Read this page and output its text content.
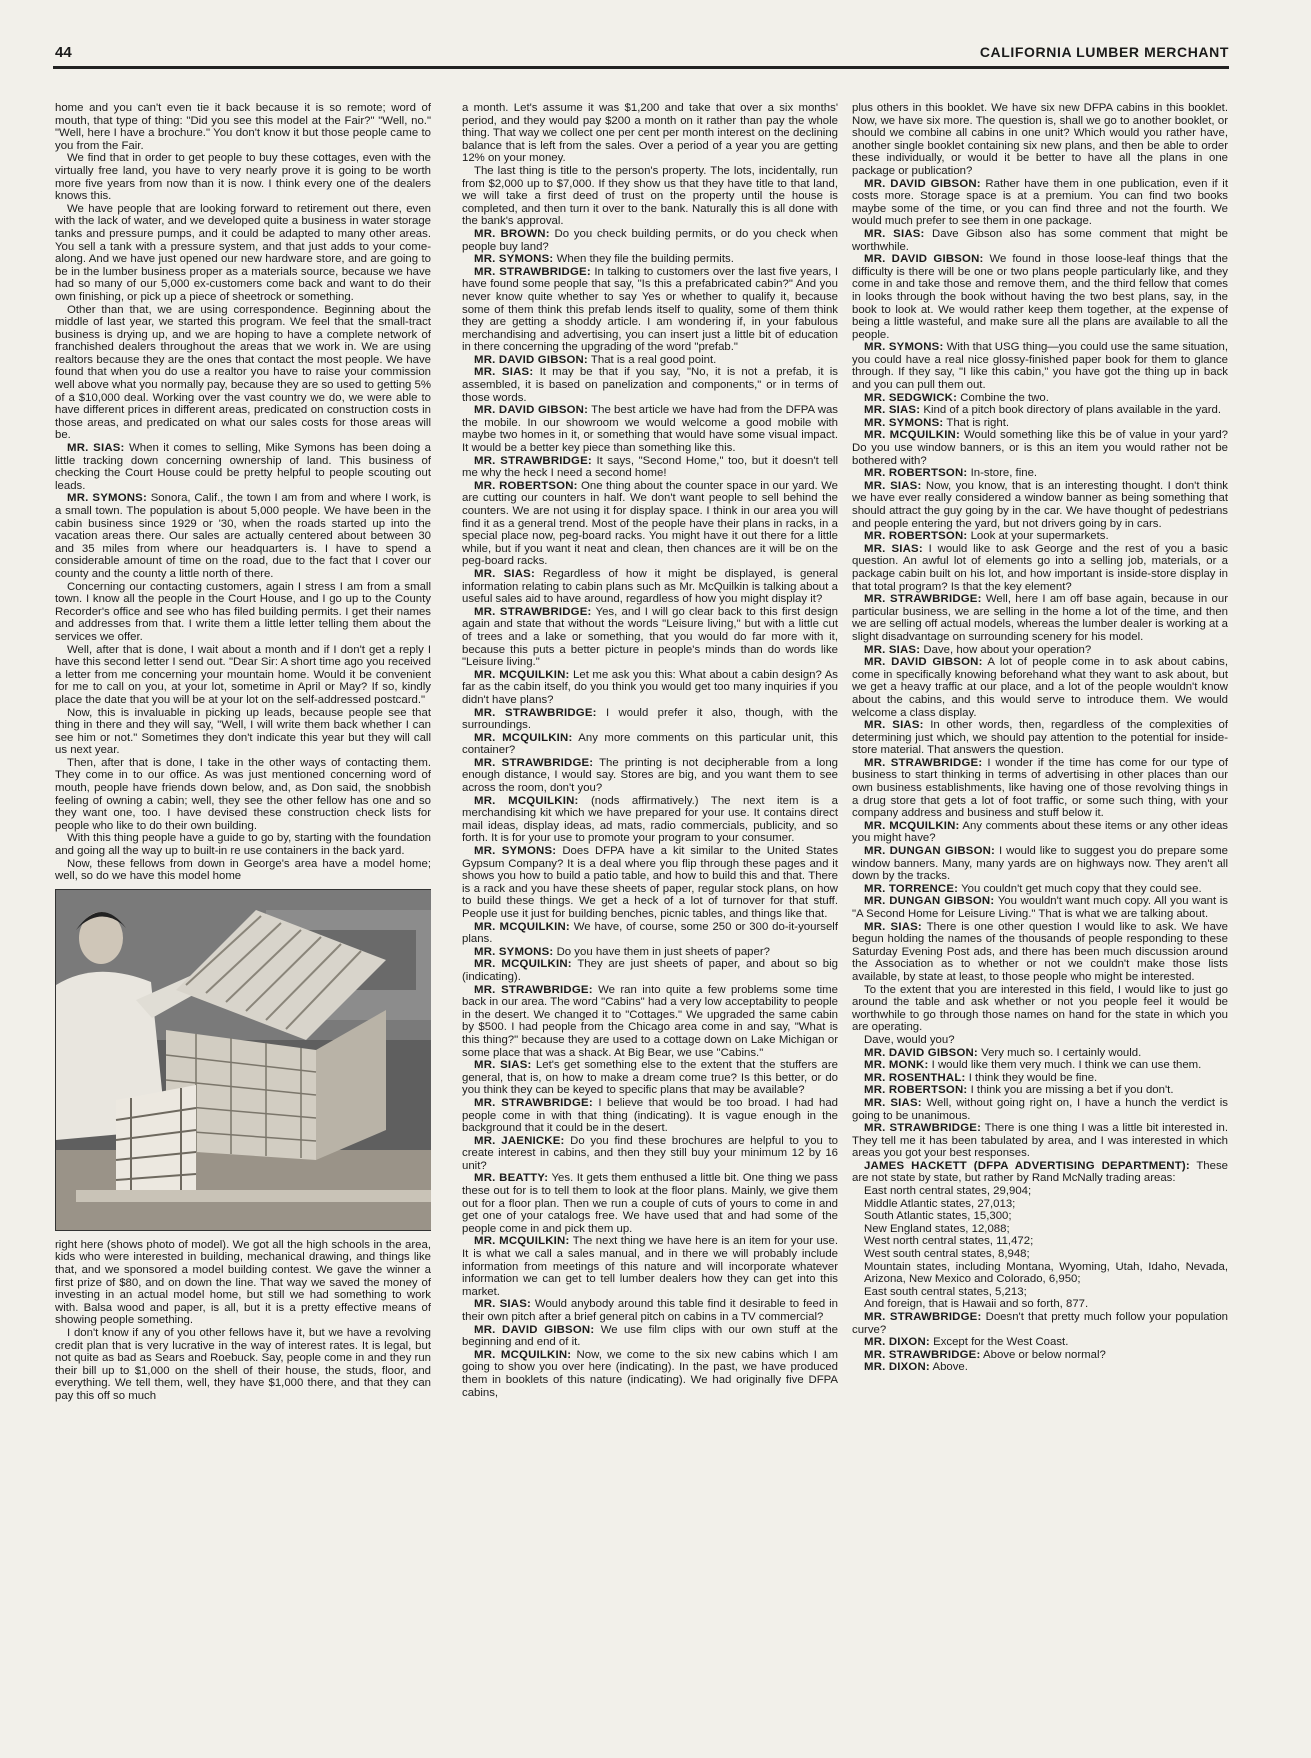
44	CALIFORNIA LUMBER MERCHANT

home and you can't even tie it back because it is so remote; word of mouth, that type of thing: "Did you see this model at the Fair?" "Well, no." "Well, here I have a brochure." You don't know it but those people came to you from the Fair.

We find that in order to get people to buy these cottages, even with the virtually free land, you have to very nearly prove it is going to be worth more five years from now than it is now. I think every one of the dealers knows this.

We have people that are looking forward to retirement out there, even with the lack of water, and we developed quite a business in water storage tanks and pressure pumps, and it could be adapted to many other areas. You sell a tank with a pressure system, and that just adds to your come-along. And we have just opened our new hardware store, and are going to be in the lumber business proper as a materials source, because we have had so many of our 5,000 ex-customers come back and want to do their own finishing, or pick up a piece of sheetrock or something.

Other than that, we are using correspondence. Beginning about the middle of last year, we started this program. We feel that the small-tract business is drying up, and we are hoping to have a complete network of franchished dealers throughout the areas that we work in. We are using realtors because they are the ones that contact the most people. We have found that when you do use a realtor you have to raise your commission well above what you normally pay, because they are so used to getting 5% of a $10,000 deal. Working over the vast country we do, we were able to have different prices in different areas, predicated on construction costs in those areas, and predicated on what our sales costs for those areas will be.

MR. SIAS: When it comes to selling, Mike Symons has been doing a little tracking down concerning ownership of land. This business of checking the Court House could be pretty helpful to people scouting out leads.

MR. SYMONS: Sonora, Calif., the town I am from and where I work, is a small town. The population is about 5,000 people. We have been in the cabin business since 1929 or '30, when the roads started up into the vacation areas there. Our sales are actually centered about between 30 and 35 miles from where our headquarters is. I have to spend a considerable amount of time on the road, due to the fact that I cover our county and the county a little north of there.

Concerning our contacting customers, again I stress I am from a small town. I know all the people in the Court House, and I go up to the County Recorder's office and see who has filed building permits. I get their names and addresses from that. I write them a little letter telling them about the services we offer.

Well, after that is done, I wait about a month and if I don't get a reply I have this second letter I send out. "Dear Sir: A short time ago you received a letter from me concerning your mountain home. Would it be convenient for me to call on you, at your lot, sometime in April or May? If so, kindly place the date that you will be at your lot on the self-addressed postcard."

Now, this is invaluable in picking up leads, because people see that thing in there and they will say, "Well, I will write them back whether I can see him or not." Sometimes they don't indicate this year but they will call us next year.

Then, after that is done, I take in the other ways of contacting them. They come in to our office. As was just mentioned concerning word of mouth, people have friends down below, and, as Don said, the snobbish feeling of owning a cabin; well, they see the other fellow has one and so they want one, too. I have devised these construction check lists for people who like to do their own building.

With this thing people have a guide to go by, starting with the foundation and going all the way up to built-in re use containers in the back yard.

Now, these fellows from down in George's area have a model home; well, so do we have this model home

right here (shows photo of model). We got all the high schools in the area, kids who were interested in building, mechanical drawing, and things like that, and we sponsored a model building contest. We gave the winner a first prize of $80, and on down the line. That way we saved the money of investing in an actual model home, but still we had something to work with. Balsa wood and paper, is all, but it is a pretty effective means of showing people something.

I don't know if any of you other fellows have it, but we have a revolving credit plan that is very lucrative in the way of interest rates. It is legal, but not quite as bad as Sears and Roebuck. Say, people come in and they run their bill up to $1,000 on the shell of their house, the studs, floor, and everything. We tell them, well, they have $1,000 there, and that they can pay this off so much

a month. Let's assume it was $1,200 and take that over a six months' period, and they would pay $200 a month on it rather than pay the whole thing. That way we collect one per cent per month interest on the declining balance that is left from the sales. Over a period of a year you are getting 12% on your money.

The last thing is title to the person's property. The lots, incidentally, run from $2,000 up to $7,000. If they show us that they have title to that land, we will take a first deed of trust on the property until the house is completed, and then turn it over to the bank. Naturally this is all done with the bank's approval.

MR. BROWN: Do you check building permits, or do you check when people buy land?

MR. SYMONS: When they file the building permits.

MR. STRAWBRIDGE: In talking to customers over the last five years, I have found some people that say, "Is this a prefabricated cabin?" And you never know quite whether to say Yes or whether to qualify it, because some of them think this prefab lends itself to quality, some of them think they are getting a shoddy article. I am wondering if, in your fabulous merchandising and advertising, you can insert just a little bit of education in there concerning the upgrading of the word "prefab."

MR. DAVID GIBSON: That is a real good point.

MR. SIAS: It may be that if you say, "No, it is not a prefab, it is assembled, it is based on panelization and components," or in terms of those words.

MR. DAVID GIBSON: The best article we have had from the DFPA was the mobile. In our showroom we would welcome a good mobile with maybe two homes in it, or something that would have some visual impact. It would be a better key piece than something like this.

MR. STRAWBRIDGE: It says, "Second Home," too, but it doesn't tell me why the heck I need a second home!

MR. ROBERTSON: One thing about the counter space in our yard. We are cutting our counters in half. We don't want people to sell behind the counters. We are not using it for display space. I think in our area you will find it as a general trend. Most of the people have their plans in racks, in a special place now, peg-board racks. You might have it out there for a little while, but if you want it neat and clean, then chances are it will be on the peg-board racks.

MR. SIAS: Regardless of how it might be displayed, is general information relating to cabin plans such as Mr. McQuilkin is talking about a useful sales aid to have around, regardless of how you might display it?

MR. STRAWBRIDGE: Yes, and I will go clear back to this first design again and state that without the words "Leisure living," but with a little cut of trees and a lake or something, that you would do far more with it, because this puts a better picture in people's minds than do words like "Leisure living."

MR. MCQUILKIN: Let me ask you this: What about a cabin design? As far as the cabin itself, do you think you would get too many inquiries if you didn't have plans?

MR. STRAWBRIDGE: I would prefer it also, though, with the surroundings.

MR. MCQUILKIN: Any more comments on this particular unit, this container?

MR. STRAWBRIDGE: The printing is not decipherable from a long enough distance, I would say. Stores are big, and you want them to see across the room, don't you?

MR. MCQUILKIN: (nods affirmatively.) The next item is a merchandising kit which we have prepared for your use. It contains direct mail ideas, display ideas, ad mats, radio commercials, publicity, and so forth. It is for your use to promote your program to your consumer.

MR. SYMONS: Does DFPA have a kit similar to the United States Gypsum Company? It is a deal where you flip through these pages and it shows you how to build a patio table, and how to build this and that. There is a rack and you have these sheets of paper, regular stock plans, on how to build these things. We get a heck of a lot of turnover for that stuff. People use it just for building benches, picnic tables, and things like that.

MR. MCQUILKIN: We have, of course, some 250 or 300 do-it-yourself plans.

MR. SYMONS: Do you have them in just sheets of paper?

MR. MCQUILKIN: They are just sheets of paper, and about so big (indicating).

MR. STRAWBRIDGE: We ran into quite a few problems some time back in our area. The word "Cabins" had a very low acceptability to people in the desert. We changed it to "Cottages." We upgraded the same cabin by $500. I had people from the Chicago area come in and say, "What is this thing?" because they are used to a cottage down on Lake Michigan or some place that was a shack. At Big Bear, we use "Cabins."

MR. SIAS: Let's get something else to the extent that the stuffers are general, that is, on how to make a dream come true? Is this better, or do you think they can be keyed to specific plans that may be available?

MR. STRAWBRIDGE: I believe that would be too broad. I had had people come in with that thing (indicating). It is vague enough in the background that it could be in the desert.

MR. JAENICKE: Do you find these brochures are helpful to you to create interest in cabins, and then they still buy your minimum 12 by 16 unit?

MR. BEATTY: Yes. It gets them enthused a little bit. One thing we pass these out for is to tell them to look at the floor plans. Mainly, we give them out for a floor plan. Then we run a couple of cuts of yours to come in and get one of your catalogs free. We have used that and had some of the people come in and pick them up.

MR. MCQUILKIN: The next thing we have here is an item for your use. It is what we call a sales manual, and in there we will probably include information from meetings of this nature and will incorporate whatever information we can get to tell lumber dealers how they can get into this market.

MR. SIAS: Would anybody around this table find it desirable to feed in their own pitch after a brief general pitch on cabins in a TV commercial?

MR. DAVID GIBSON: We use film clips with our own stuff at the beginning and end of it.

MR. MCQUILKIN: Now, we come to the six new cabins which I am going to show you over here (indicating). In the past, we have produced them in booklets of this nature (indicating). We had originally five DFPA cabins,

plus others in this booklet. We have six new DFPA cabins in this booklet. Now, we have six more. The question is, shall we go to another booklet, or should we combine all cabins in one unit? Which would you rather have, another single booklet containing six new plans, and then be able to order these individually, or would it be better to have all the plans in one package or publication?

MR. DAVID GIBSON: Rather have them in one publication, even if it costs more. Storage space is at a premium. You can find two books maybe some of the time, or you can find three and not the fourth. We would much prefer to see them in one package.

MR. SIAS: Dave Gibson also has some comment that might be worthwhile.

MR. DAVID GIBSON: We found in those loose-leaf things that the difficulty is there will be one or two plans people particularly like, and they come in and take those and remove them, and the third fellow that comes in looks through the book without having the two best plans, say, in the book to look at. We would rather keep them together, at the expense of being a little wasteful, and make sure all the plans are available to all the people.

MR. SYMONS: With that USG thing—you could use the same situation, you could have a real nice glossy-finished paper book for them to glance through. If they say, "I like this cabin," you have got the thing up in back and you can pull them out.

MR. SEDGWICK: Combine the two.

MR. SIAS: Kind of a pitch book directory of plans available in the yard.

MR. SYMONS: That is right.

MR. MCQUILKIN: Would something like this be of value in your yard? Do you use window banners, or is this an item you would rather not be bothered with?

MR. ROBERTSON: In-store, fine.

MR. SIAS: Now, you know, that is an interesting thought. I don't think we have ever really considered a window banner as being something that should attract the guy going by in the car. We have thought of pedestrians and people entering the yard, but not drivers going by in cars.

MR. ROBERTSON: Look at your supermarkets.

MR. SIAS: I would like to ask George and the rest of you a basic question. An awful lot of elements go into a selling job, materials, or a package cabin built on his lot, and how important is inside-store display in that total program? Is that the key element?

MR. STRAWBRIDGE: Well, here I am off base again, because in our particular business, we are selling in the home a lot of the time, and then we are selling off actual models, whereas the lumber dealer is working at a slight disadvantage on surrounding scenery for his model.

MR. SIAS: Dave, how about your operation?

MR. DAVID GIBSON: A lot of people come in to ask about cabins, come in specifically knowing beforehand what they want to ask about, but we get a heavy traffic at our place, and a lot of the people wouldn't know about the cabins, and this would serve to introduce them. We would welcome a class display.

MR. SIAS: In other words, then, regardless of the complexities of determining just which, we should pay attention to the potential for inside-store material. That answers the question.

MR. STRAWBRIDGE: I wonder if the time has come for our type of business to start thinking in terms of advertising in other places than our own business establishments, like having one of those revolving things in a drug store that gets a lot of foot traffic, or some such thing, with your company address and business and stuff below it.

MR. MCQUILKIN: Any comments about these items or any other ideas you might have?

MR. DUNGAN GIBSON: I would like to suggest you do prepare some window banners. Many, many yards are on highways now. They aren't all down by the tracks.

MR. TORRENCE: You couldn't get much copy that they could see.

MR. DUNGAN GIBSON: You wouldn't want much copy. All you want is "A Second Home for Leisure Living." That is what we are talking about.

MR. SIAS: There is one other question I would like to ask. We have begun holding the names of the thousands of people responding to these Saturday Evening Post ads, and there has been much discussion around the Association as to whether or not we couldn't make those lists available, by state at least, to those people who might be interested.

To the extent that you are interested in this field, I would like to just go around the table and ask whether or not you people feel it would be worthwhile to go through those names on hand for the state in which you are operating.

Dave, would you?

MR. DAVID GIBSON: Very much so. I certainly would.

MR. MONK: I would like them very much. I think we can use them.

MR. ROSENTHAL: I think they would be fine.

MR. ROBERTSON: I think you are missing a bet if you don't.

MR. SIAS: Well, without going right on, I have a hunch the verdict is going to be unanimous.

MR. STRAWBRIDGE: There is one thing I was a little bit interested in. They tell me it has been tabulated by area, and I was interested in which areas you got your best responses.

JAMES HACKETT (DFPA ADVERTISING DEPARTMENT): These are not state by state, but rather by Rand McNally trading areas:

East north central states, 29,904;
Middle Atlantic states, 27,013;
South Atlantic states, 15,300;
New England states, 12,088;
West north central states, 11,472;
West south central states, 8,948;
Mountain states, including Montana, Wyoming, Utah, Idaho, Nevada, Arizona, New Mexico and Colorado, 6,950;
East south central states, 5,213;
And foreign, that is Hawaii and so forth, 877.

MR. STRAWBRIDGE: Doesn't that pretty much follow your population curve?

MR. DIXON: Except for the West Coast.

MR. STRAWBRIDGE: Above or below normal?

MR. DIXON: Above.
